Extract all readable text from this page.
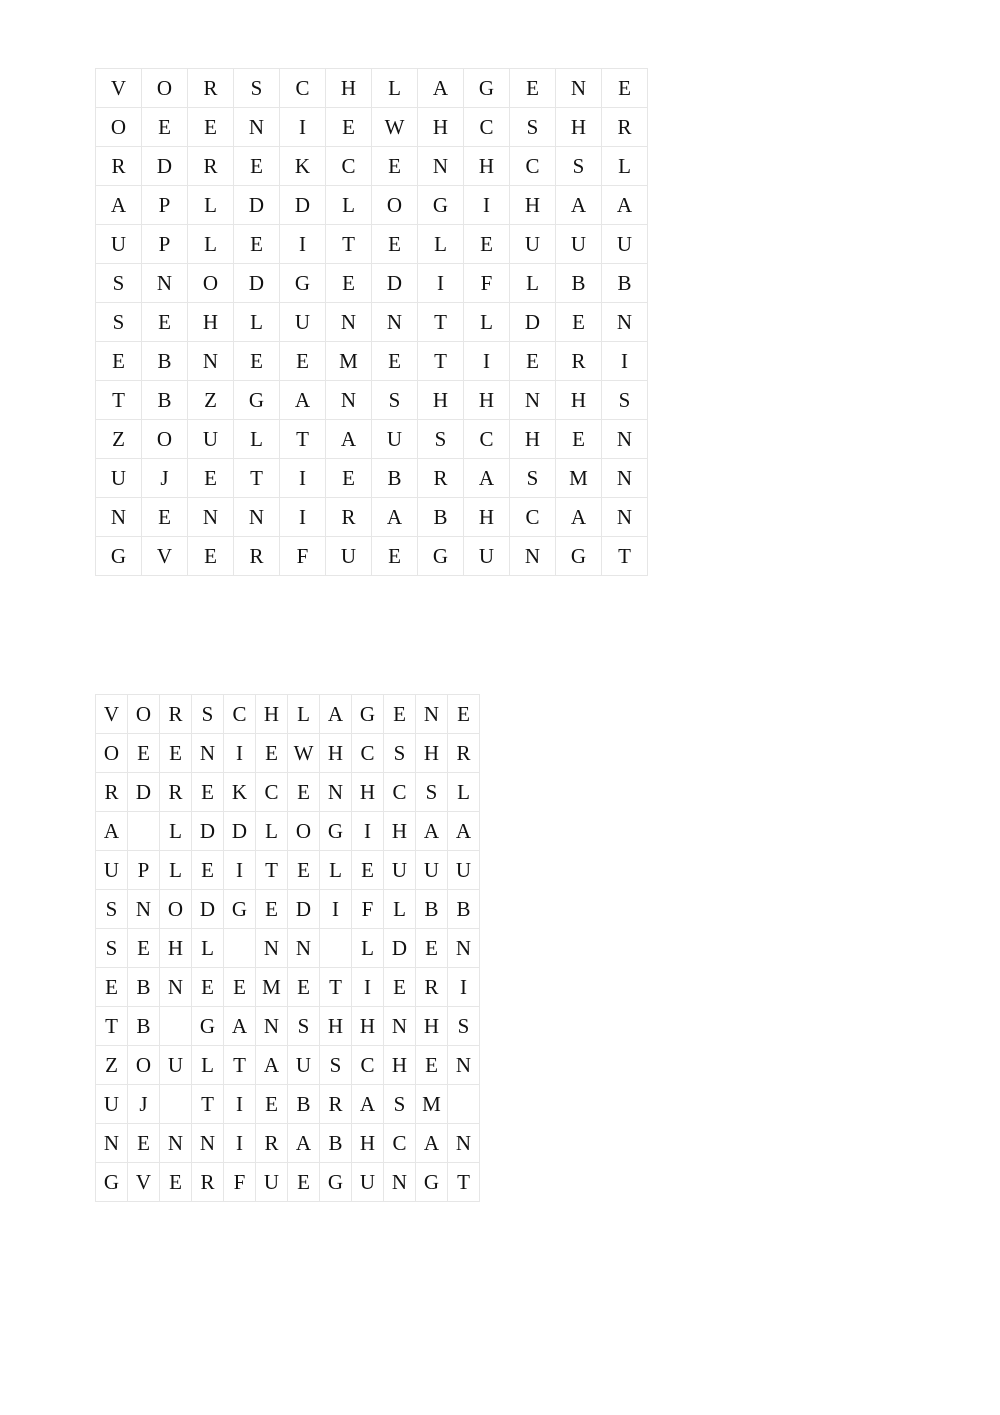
V	O	R	S	C	H	L	A	G	E	N	E
O	E	E	N	I	E	W	H	C	S	H	R
R	D	R	E	K	C	E	N	H	C	S	L
A	P	L	D	D	L	O	G	I	H	A	A
U	P	L	E	I	T	E	L	E	U	U	U
S	N	O	D	G	E	D	I	F	L	B	B
S	E	H	L	U	N	N	T	L	D	E	N
E	B	N	E	E	M	E	T	I	E	R	I
T	B	Z	G	A	N	S	H	H	N	H	S
Z	O	U	L	T	A	U	S	C	H	E	N
U	J	E	T	I	E	B	R	A	S	M	N
N	E	N	N	I	R	A	B	H	C	A	N
G	V	E	R	F	U	E	G	U	N	G	T
V	O	R	S	C	H	L	A	G	E	N	E
O	E	E	N	I	E	W	H	C	S	H	R
R	D	R	E	K	C	E	N	H	C	S	L
A		L	D	D	L	O	G	I	H	A	A
U	P	L	E	I	T	E	L	E	U	U	U
S	N	O	D	G	E	D	I	F	L	B	B
S	E	H	L		N	N		L	D	E	N
E	B	N	E	E	M	E	T	I	E	R	I
T	B		G	A	N	S	H	H	N	H	S
Z	O	U	L	T	A	U	S	C	H	E	N
U	J		T	I	E	B	R	A	S	M	
N	E	N	N	I	R	A	B	H	C	A	N
G	V	E	R	F	U	E	G	U	N	G	T
